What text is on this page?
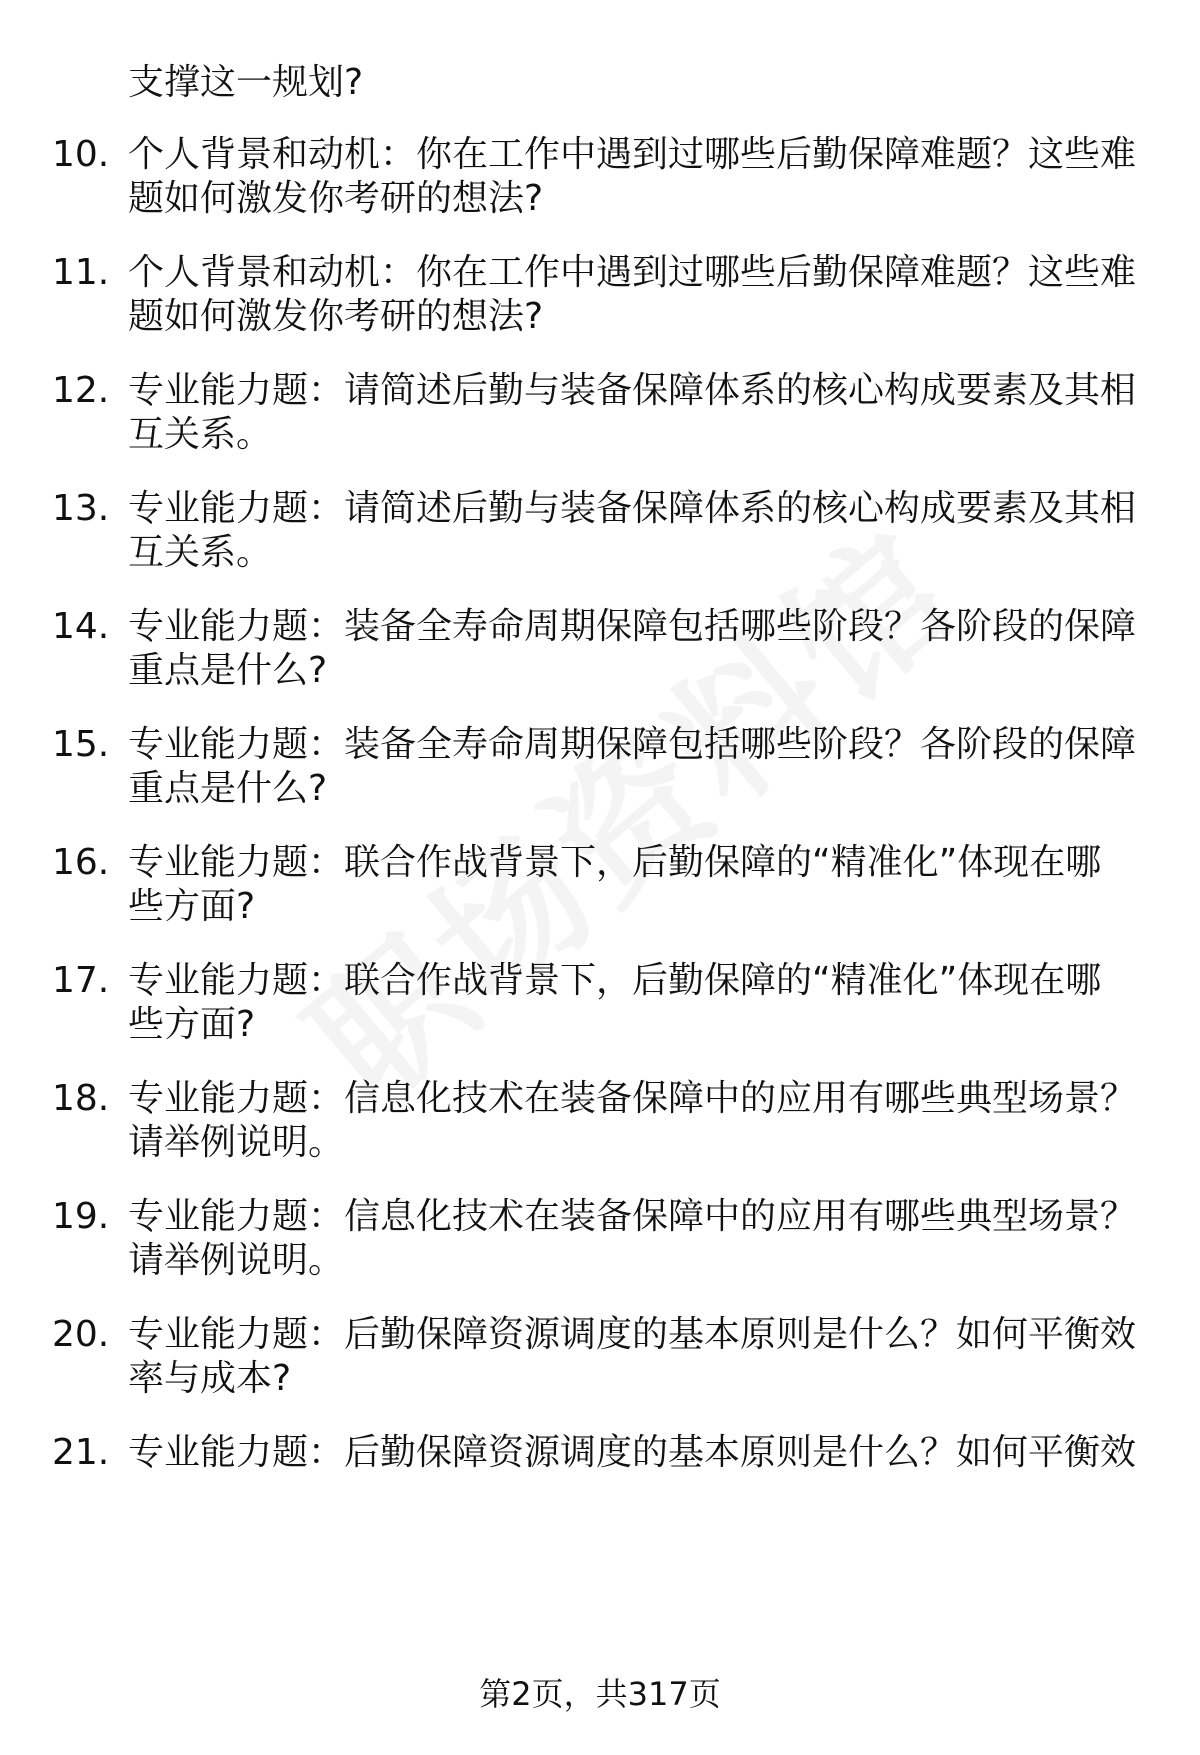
支撑这一规划?
10. 个人背景和动机：你在工作中遇到过哪些后勤保障难题？这些难
题如何激发你考研的想法?
11. 个人背景和动机：你在工作中遇到过哪些后勤保障难题？这些难
题如何激发你考研的想法?
12. 专业能力题：请简述后勤与装备保障体系的核心构成要素及其相
互关系。
13. 专业能力题：请简述后勤与装备保障体系的核心构成要素及其相
互关系。
14. 专业能力题：装备全寿命周期保障包括哪些阶段？各阶段的保障
重点是什么?
15. 专业能力题：装备全寿命周期保障包括哪些阶段？各阶段的保障
重点是什么?
16. 专业能力题：联合作战背景下，后勤保障的“精准化”体现在哪
些方面?
17. 专业能力题：联合作战背景下，后勤保障的“精准化”体现在哪
些方面?
18. 专业能力题：信息化技术在装备保障中的应用有哪些典型场景？
请举例说明。
19. 专业能力题：信息化技术在装备保障中的应用有哪些典型场景？
请举例说明。
20. 专业能力题：后勤保障资源调度的基本原则是什么？如何平衡效
率与成本?
21. 专业能力题：后勤保障资源调度的基本原则是什么？如何平衡效
第2页，共317页
